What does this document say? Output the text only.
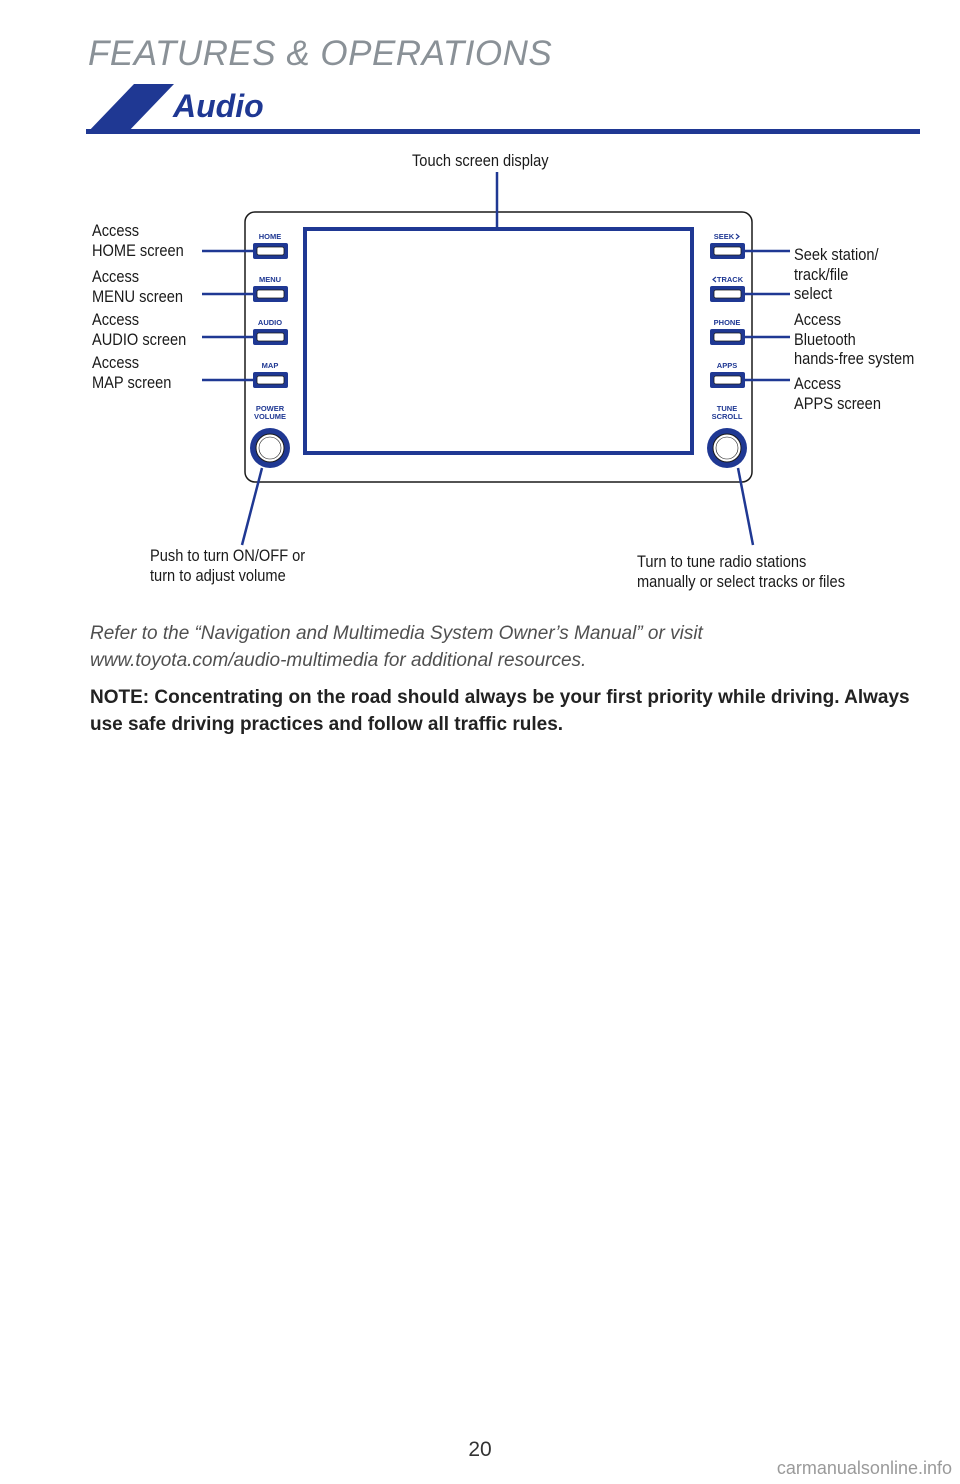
FEATURES & OPERATIONS
Audio
HOME
MENU
AUDIO
MAP
POWER
VOLUME
SEEK
TRACK
PHONE
APPS
TUNE
SCROLL
Touch screen display
Access
HOME screen
Access
MENU screen
Access
AUDIO screen
Access
MAP screen
Seek station/
track/file
select
Access
Bluetooth
hands-free system
Access
APPS screen
Push to turn ON/OFF or
turn to adjust volume
Turn to tune radio stations
manually or select tracks or files

Refer to the “Navigation and Multimedia System Owner’s Manual” or visit www.toyota.com/audio-multimedia for additional resources.

NOTE: Concentrating on the road should always be your first priority while driving. Always use safe driving practices and follow all traffic rules.

20
carmanualsonline.info
